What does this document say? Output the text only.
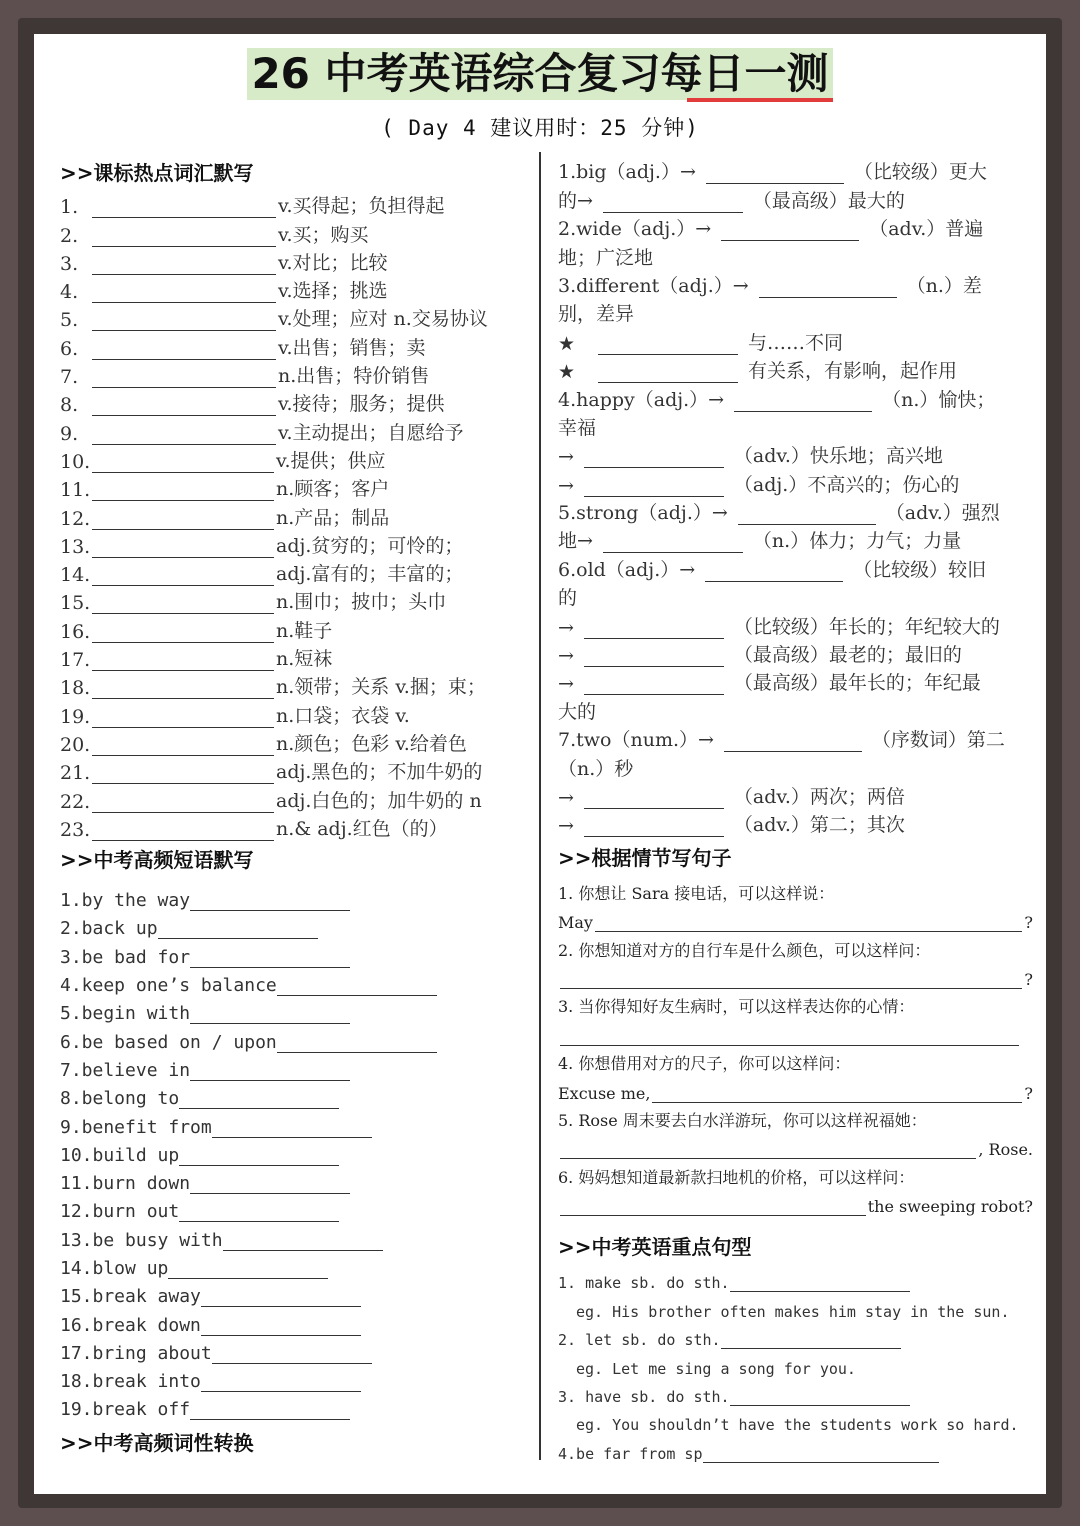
26 中考英语综合复习每日一测
( Day 4 建议用时：25 分钟)
>>课标热点词汇默写
1.	v.买得起；负担得起
2.	v.买；购买
3.	v.对比；比较
4.	v.选择；挑选
5.	v.处理；应对 n.交易协议
6.	v.出售；销售；卖
7.	n.出售；特价销售
8.	v.接待；服务；提供
9.	v.主动提出；自愿给予
10.	v.提供；供应
11.	n.顾客；客户
12.	n.产品；制品
13.	adj.贫穷的；可怜的；
14.	adj.富有的；丰富的；
15.	n.围巾；披巾；头巾
16.	n.鞋子
17.	n.短袜
18.	n.领带；关系 v.捆；束；
19.	n.口袋；衣袋 v.
20.	n.颜色；色彩 v.给着色
21.	adj.黑色的；不加牛奶的
22.	adj.白色的；加牛奶的 n
23.	n.& adj.红色（的）
>>中考高频短语默写
1.by the way
2.back up
3.be bad for
4.keep one’s balance
5.begin with
6.be based on / upon
7.believe in
8.belong to
9.benefit from
10.build up
11.burn down
12.burn out
13.be busy with
14.blow up
15.break away
16.break down
17.bring about
18.break into
19.break off
>>中考高频词性转换
1.big（adj.）→	（比较级）更大
的→	（最高级）最大的
2.wide（adj.）→	（adv.）普遍
地；广泛地
3.different（adj.）→	（n.）差
别，差异
★	与……不同
★	有关系，有影响，起作用
4.happy（adj.）→	（n.）愉快；
幸福
→	（adv.）快乐地；高兴地
→	（adj.）不高兴的；伤心的
5.strong（adj.）→	（adv.）强烈
地→	（n.）体力；力气；力量
6.old（adj.）→	（比较级）较旧
的
→	（比较级）年长的；年纪较大的
→	（最高级）最老的；最旧的
→	（最高级）最年长的；年纪最
大的
7.two（num.）→	（序数词）第二
（n.）秒
→	（adv.）两次；两倍
→	（adv.）第二；其次
>>根据情节写句子
1. 你想让 Sara 接电话，可以这样说：
May	?
2. 你想知道对方的自行车是什么颜色，可以这样问：
?
3. 当你得知好友生病时，可以这样表达你的心情：
4. 你想借用对方的尺子，你可以这样问：
Excuse me,	?
5. Rose 周末要去白水洋游玩，你可以这样祝福她：
, Rose.
6. 妈妈想知道最新款扫地机的价格，可以这样问：
the sweeping robot?
>>中考英语重点句型
1. make sb. do sth.
eg. His brother often makes him stay in the sun.
2. let sb. do sth.
eg. Let me sing a song for you.
3. have sb. do sth.
eg. You shouldn’t have the students work so hard.
4.be far from sp
